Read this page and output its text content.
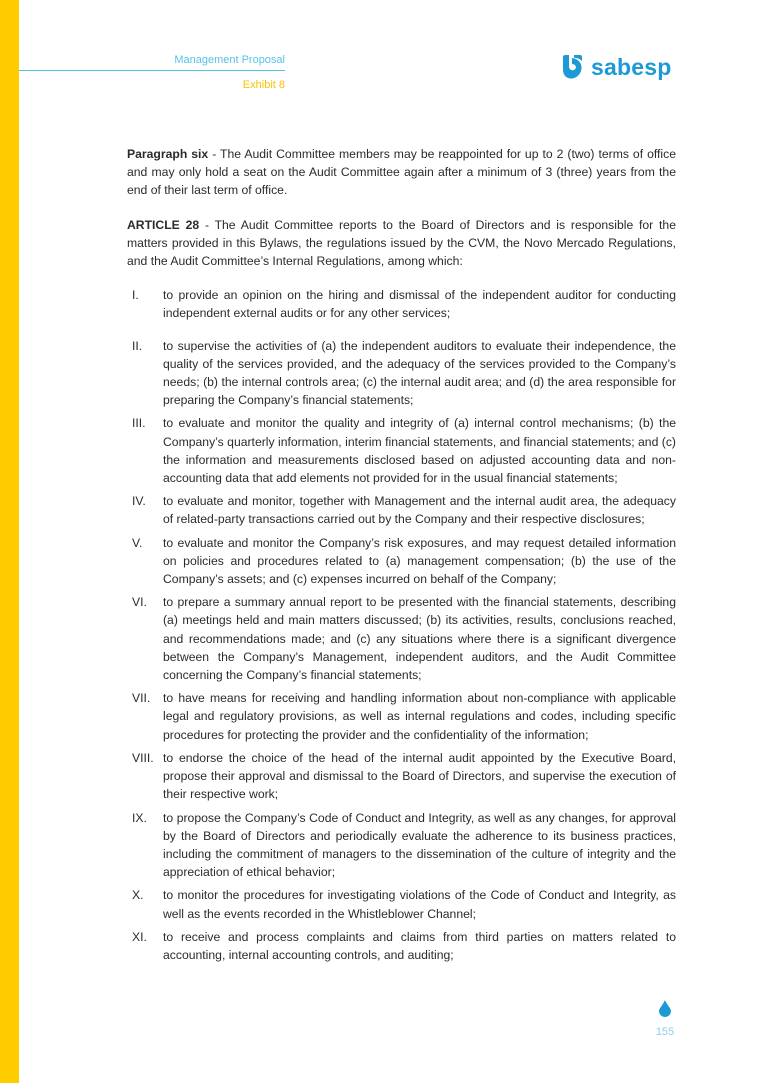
Management Proposal
Exhibit 8
sabesp

Paragraph six - The Audit Committee members may be reappointed for up to 2 (two) terms of office and may only hold a seat on the Audit Committee again after a minimum of 3 (three) years from the end of their last term of office.

ARTICLE 28 - The Audit Committee reports to the Board of Directors and is responsible for the matters provided in this Bylaws, the regulations issued by the CVM, the Novo Mercado Regulations, and the Audit Committee’s Internal Regulations, among which:

I. to provide an opinion on the hiring and dismissal of the independent auditor for conducting independent external audits or for any other services;
II. to supervise the activities of (a) the independent auditors to evaluate their independence, the quality of the services provided, and the adequacy of the services provided to the Company’s needs; (b) the internal controls area; (c) the internal audit area; and (d) the area responsible for preparing the Company’s financial statements;
III. to evaluate and monitor the quality and integrity of (a) internal control mechanisms; (b) the Company’s quarterly information, interim financial statements, and financial statements; and (c) the information and measurements disclosed based on adjusted accounting data and non-accounting data that add elements not provided for in the usual financial statements;
IV. to evaluate and monitor, together with Management and the internal audit area, the adequacy of related-party transactions carried out by the Company and their respective disclosures;
V. to evaluate and monitor the Company’s risk exposures, and may request detailed information on policies and procedures related to (a) management compensation; (b) the use of the Company’s assets; and (c) expenses incurred on behalf of the Company;
VI. to prepare a summary annual report to be presented with the financial statements, describing (a) meetings held and main matters discussed; (b) its activities, results, conclusions reached, and recommendations made; and (c) any situations where there is a significant divergence between the Company’s Management, independent auditors, and the Audit Committee concerning the Company’s financial statements;
VII. to have means for receiving and handling information about non-compliance with applicable legal and regulatory provisions, as well as internal regulations and codes, including specific procedures for protecting the provider and the confidentiality of the information;
VIII. to endorse the choice of the head of the internal audit appointed by the Executive Board, propose their approval and dismissal to the Board of Directors, and supervise the execution of their respective work;
IX. to propose the Company’s Code of Conduct and Integrity, as well as any changes, for approval by the Board of Directors and periodically evaluate the adherence to its business practices, including the commitment of managers to the dissemination of the culture of integrity and the appreciation of ethical behavior;
X. to monitor the procedures for investigating violations of the Code of Conduct and Integrity, as well as the events recorded in the Whistleblower Channel;
XI. to receive and process complaints and claims from third parties on matters related to accounting, internal accounting controls, and auditing;
155
